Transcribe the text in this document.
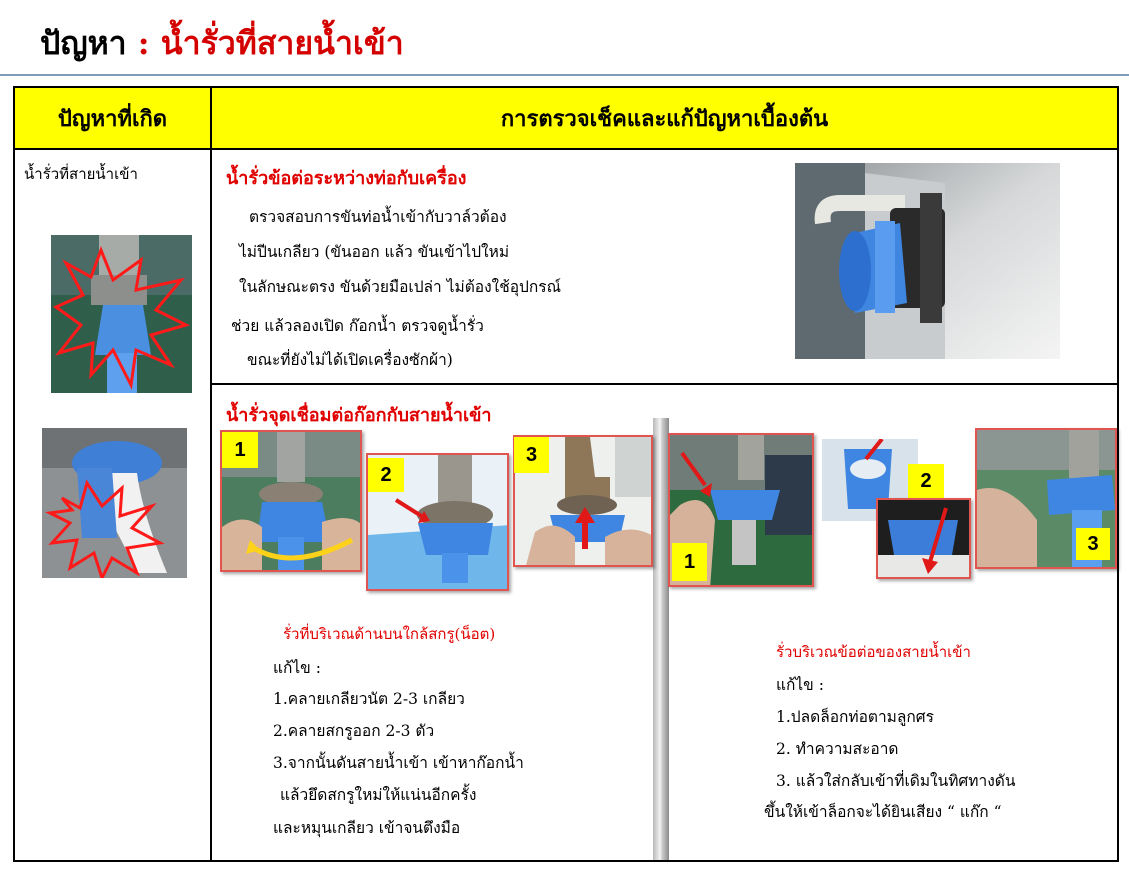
ปัญหา : น้ำรั่วที่สายน้ำเข้า
ปัญหาที่เกิด	การตรวจเช็คและแก้ปัญหาเบื้องต้น
น้ำรั่วที่สายน้ำเข้า	น้ำรั่วข้อต่อระหว่างท่อกับเครื่อง
ตรวจสอบการขันท่อน้ำเข้ากับวาล์วต้อง
ไม่ปีนเกลียว (ขันออก แล้ว ขันเข้าไปใหม่
ในลักษณะตรง ขันด้วยมือเปล่า ไม่ต้องใช้อุปกรณ์
ช่วย แล้วลองเปิด ก๊อกน้ำ ตรวจดูน้ำรั่ว
ขณะที่ยังไม่ได้เปิดเครื่องซักผ้า)
น้ำรั่วจุดเชื่อมต่อก๊อกกับสายน้ำเข้า
1
2
3
1
2
3
รั่วที่บริเวณด้านบนใกล้สกรู(น็อต)
แก้ไข :
1.คลายเกลียวนัต 2-3 เกลียว
2.คลายสกรูออก 2-3 ตัว
3.จากนั้นดันสายน้ำเข้า เข้าหาก๊อกน้ำ
แล้วยึดสกรูใหม่ให้แน่นอีกครั้ง
และหมุนเกลียว เข้าจนตึงมือ
รั่วบริเวณข้อต่อของสายน้ำเข้า
แก้ไข :
1.ปลดล็อกท่อตามลูกศร
2. ทำความสะอาด
3. แล้วใส่กลับเข้าที่เดิมในทิศทางดัน
ขึ้นให้เข้าล็อกจะได้ยินเสียง “ แก๊ก “
